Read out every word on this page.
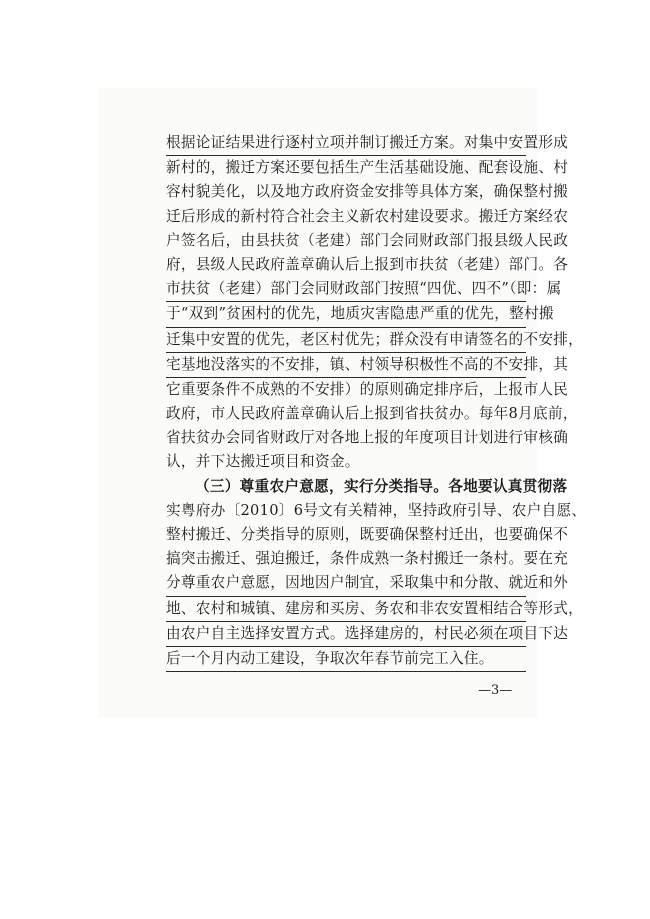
根据论证结果进行逐村立项并制订搬迁方案。对集中安置形成
新村的，搬迁方案还要包括生产生活基础设施、配套设施、村
容村貌美化，以及地方政府资金安排等具体方案，确保整村搬
迁后形成的新村符合社会主义新农村建设要求。搬迁方案经农
户签名后，由县扶贫（老建）部门会同财政部门报县级人民政
府，县级人民政府盖章确认后上报到市扶贫（老建）部门。各
市扶贫（老建）部门会同财政部门按照“四优、四不”（即：属
于“双到”贫困村的优先，地质灾害隐患严重的优先，整村搬
迁集中安置的优先，老区村优先；群众没有申请签名的不安排，
宅基地没落实的不安排，镇、村领导积极性不高的不安排，其
它重要条件不成熟的不安排）的原则确定排序后，上报市人民
政府，市人民政府盖章确认后上报到省扶贫办。每年8月底前，
省扶贫办会同省财政厅对各地上报的年度项目计划进行审核确
认，并下达搬迁项目和资金。
（三）尊重农户意愿，实行分类指导。各地要认真贯彻落
实粤府办〔2010〕6号文有关精神，坚持政府引导、农户自愿、
整村搬迁、分类指导的原则，既要确保整村迁出，也要确保不
搞突击搬迁、强迫搬迁，条件成熟一条村搬迁一条村。要在充
分尊重农户意愿，因地因户制宜，采取集中和分散、就近和外
地、农村和城镇、建房和买房、务农和非农安置相结合等形式，
由农户自主选择安置方式。选择建房的，村民必须在项目下达
后一个月内动工建设，争取次年春节前完工入住。
—3—
